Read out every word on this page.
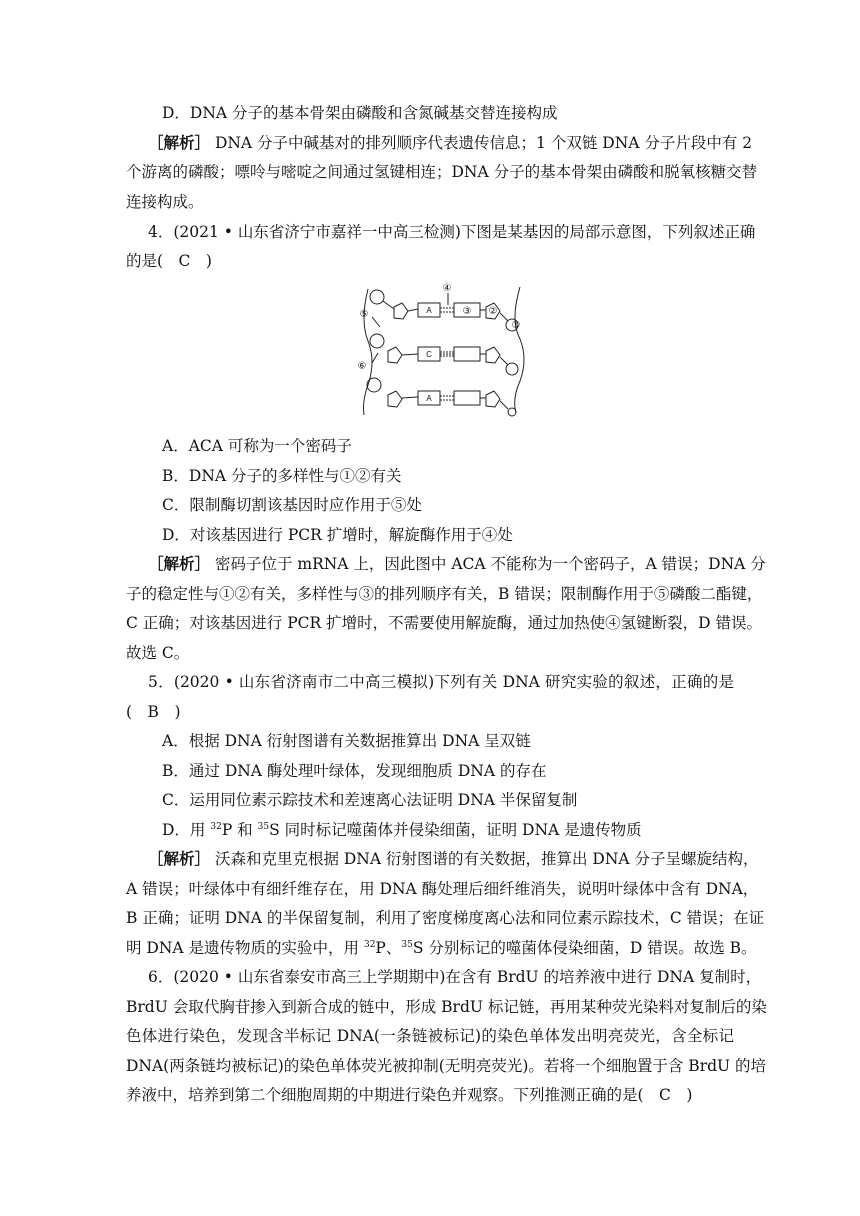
D．DNA 分子的基本骨架由磷酸和含氮碱基交替连接构成
［解析］ DNA 分子中碱基对的排列顺序代表遗传信息；1 个双链 DNA 分子片段中有 2
个游离的磷酸；嘌呤与嘧啶之间通过氢键相连；DNA 分子的基本骨架由磷酸和脱氧核糖交替
连接构成。
4．(2021 • 山东省济宁市嘉祥一中高三检测)下图是某基因的局部示意图，下列叙述正确
的是(　C　)
A
C
A
①
②
③
④
⑤
⑥
A．ACA 可称为一个密码子
B．DNA 分子的多样性与①②有关
C．限制酶切割该基因时应作用于⑤处
D．对该基因进行 PCR 扩增时，解旋酶作用于④处
［解析］ 密码子位于 mRNA 上，因此图中 ACA 不能称为一个密码子，A 错误；DNA 分
子的稳定性与①②有关，多样性与③的排列顺序有关，B 错误；限制酶作用于⑤磷酸二酯键，
C 正确；对该基因进行 PCR 扩增时，不需要使用解旋酶，通过加热使④氢键断裂，D 错误。
故选 C。
5．(2020 • 山东省济南市二中高三模拟)下列有关 DNA 研究实验的叙述，正确的是
(　B　)
A．根据 DNA 衍射图谱有关数据推算出 DNA 呈双链
B．通过 DNA 酶处理叶绿体，发现细胞质 DNA 的存在
C．运用同位素示踪技术和差速离心法证明 DNA 半保留复制
D．用 $^{32}$P 和 $^{35}$S 同时标记噬菌体并侵染细菌，证明 DNA 是遗传物质
［解析］ 沃森和克里克根据 DNA 衍射图谱的有关数据，推算出 DNA 分子呈螺旋结构，
A 错误；叶绿体中有细纤维存在，用 DNA 酶处理后细纤维消失，说明叶绿体中含有 DNA，
B 正确；证明 DNA 的半保留复制，利用了密度梯度离心法和同位素示踪技术，C 错误；在证
明 DNA 是遗传物质的实验中，用 $^{32}$P、$^{35}$S 分别标记的噬菌体侵染细菌，D 错误。故选 B。
6．(2020 • 山东省泰安市高三上学期期中)在含有 BrdU 的培养液中进行 DNA 复制时，
BrdU 会取代胸苷掺入到新合成的链中，形成 BrdU 标记链，再用某种荧光染料对复制后的染
色体进行染色，发现含半标记 DNA(一条链被标记)的染色单体发出明亮荧光，含全标记
DNA(两条链均被标记)的染色单体荧光被抑制(无明亮荧光)。若将一个细胞置于含 BrdU 的培
养液中，培养到第二个细胞周期的中期进行染色并观察。下列推测正确的是(　C　)
